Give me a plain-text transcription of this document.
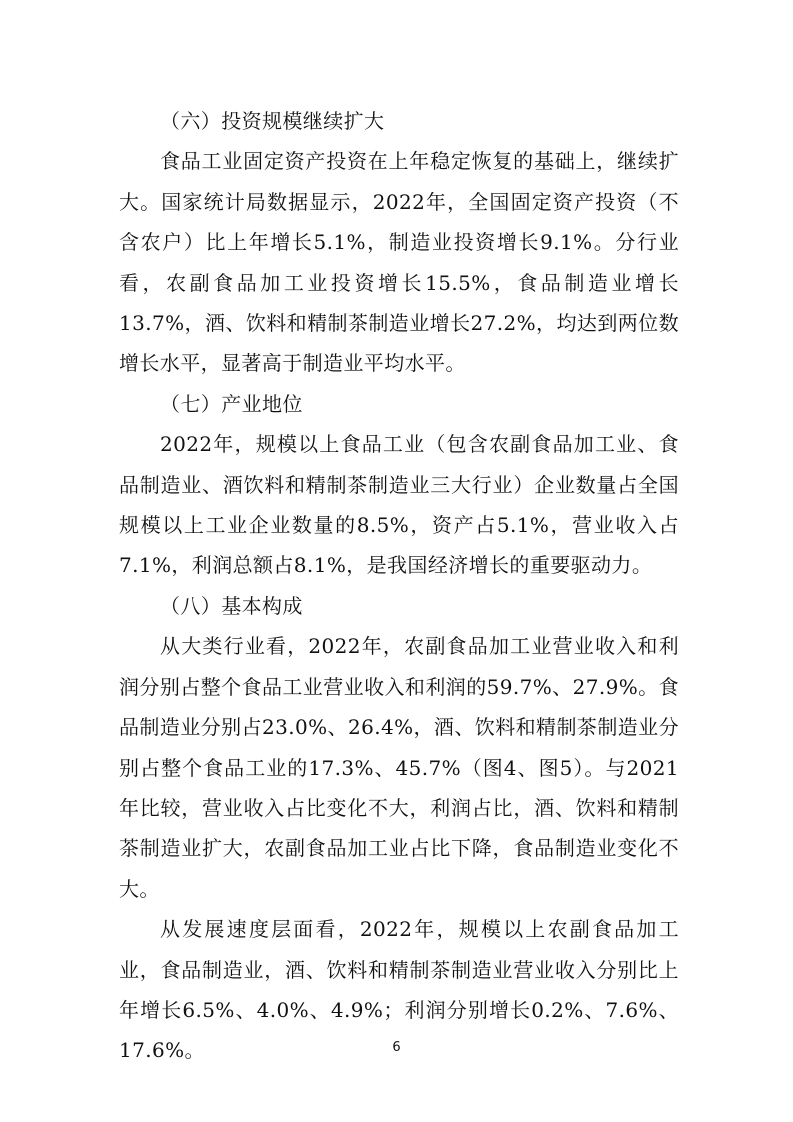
（六）投资规模继续扩大

食品工业固定资产投资在上年稳定恢复的基础上，继续扩大。国家统计局数据显示，2022年，全国固定资产投资（不含农户）比上年增长5.1%，制造业投资增长9.1%。分行业看，农副食品加工业投资增长15.5%，食品制造业增长13.7%，酒、饮料和精制茶制造业增长27.2%，均达到两位数增长水平，显著高于制造业平均水平。

（七）产业地位

2022年，规模以上食品工业（包含农副食品加工业、食品制造业、酒饮料和精制茶制造业三大行业）企业数量占全国规模以上工业企业数量的8.5%，资产占5.1%，营业收入占7.1%，利润总额占8.1%，是我国经济增长的重要驱动力。

（八）基本构成

从大类行业看，2022年，农副食品加工业营业收入和利润分别占整个食品工业营业收入和利润的59.7%、27.9%。食品制造业分别占23.0%、26.4%，酒、饮料和精制茶制造业分别占整个食品工业的17.3%、45.7%（图4、图5）。与2021年比较，营业收入占比变化不大，利润占比，酒、饮料和精制茶制造业扩大，农副食品加工业占比下降，食品制造业变化不大。

从发展速度层面看，2022年，规模以上农副食品加工业，食品制造业，酒、饮料和精制茶制造业营业收入分别比上年增长6.5%、4.0%、4.9%；利润分别增长0.2%、7.6%、17.6%。	6
